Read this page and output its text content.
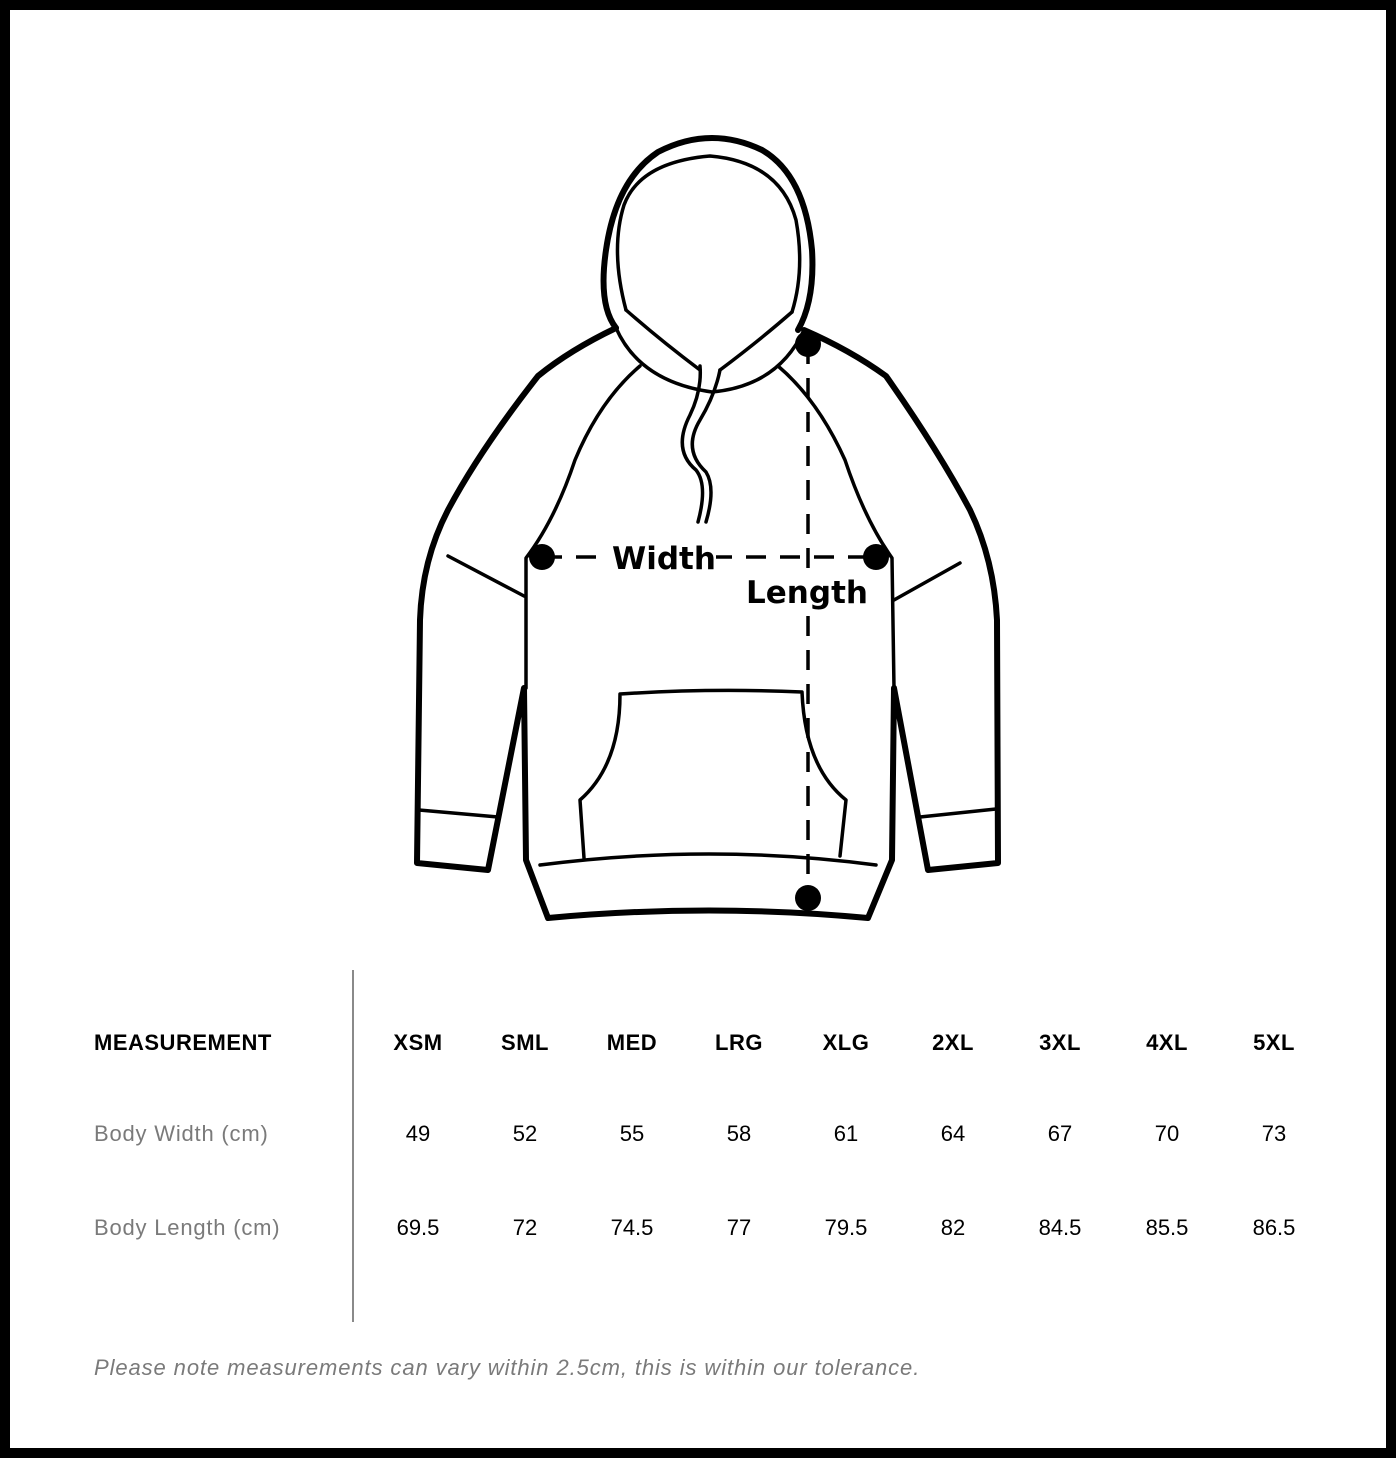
Width
Length
MEASUREMENT	XSM	SML	MED	LRG	XLG	2XL	3XL	4XL	5XL
Body Width (cm)	49	52	55	58	61	64	67	70	73
Body Length (cm)	69.5	72	74.5	77	79.5	82	84.5	85.5	86.5
Please note measurements can vary within 2.5cm, this is within our tolerance.
